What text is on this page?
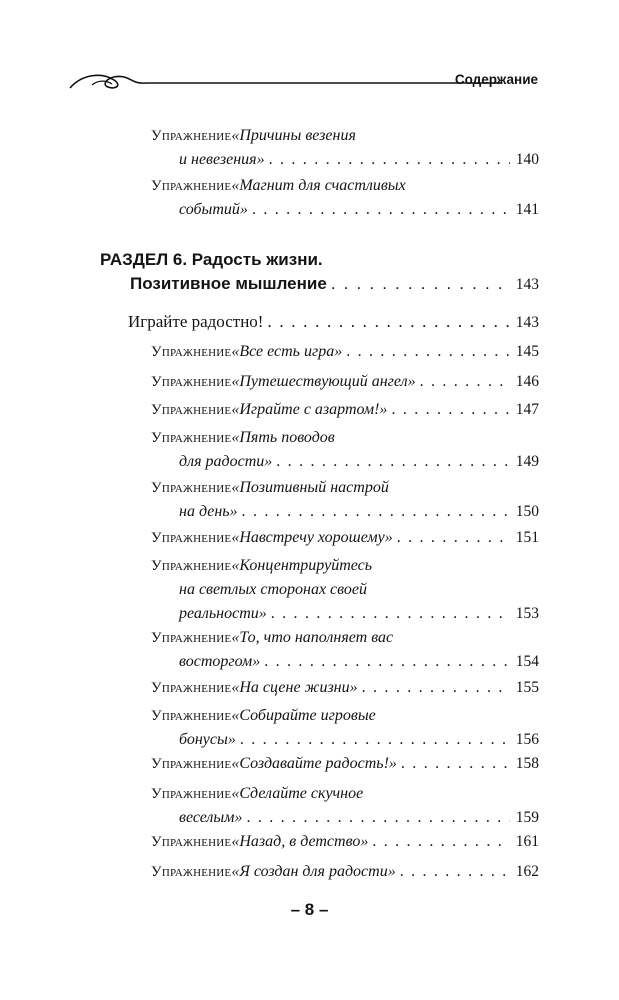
Содержание
Упражнение «Причины везения
и невезения» . . .	140
Упражнение «Магнит для счастливых
событий» . . .	141
РАЗДЕЛ 6. Радость жизни.
Позитивное мышление . . .	143
Играйте радостно! . . .	143
Упражнение «Все есть игра» . . .	145
Упражнение «Путешествующий ангел» . . .	146
Упражнение «Играйте с азартом!» . . .	147
Упражнение «Пять поводов
для радости» . . .	149
Упражнение «Позитивный настрой
на день» . . .	150
Упражнение «Навстречу хорошему» . . .	151
Упражнение «Концентрируйтесь
на светлых сторонах своей
реальности» . . .	153
Упражнение «То, что наполняет вас
восторгом» . . .	154
Упражнение «На сцене жизни» . . .	155
Упражнение «Собирайте игровые
бонусы» . . .	156
Упражнение «Создавайте радость!» . . .	158
Упражнение «Сделайте скучное
веселым» . . .	159
Упражнение «Назад, в детство» . . .	161
Упражнение «Я создан для радости» . . .	162
– 8 –
